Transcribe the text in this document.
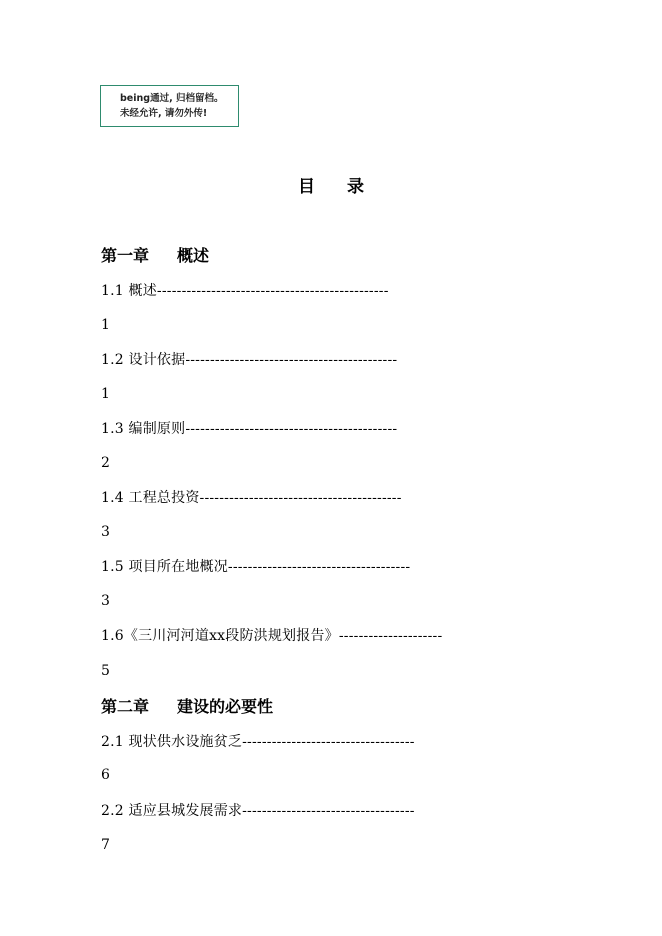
being通过, 归档留档。
未经允许, 请勿外传!
目录
第一章 概述
1.1 概述-----------------------------------------------
1
1.2 设计依据-------------------------------------------
1
1.3 编制原则-------------------------------------------
2
1.4 工程总投资-----------------------------------------
3
1.5 项目所在地概况-------------------------------------
3
1.6《三川河河道xx段防洪规划报告》---------------------
5
第二章 建设的必要性
2.1 现状供水设施贫乏-----------------------------------
6
2.2 适应县城发展需求-----------------------------------
7
